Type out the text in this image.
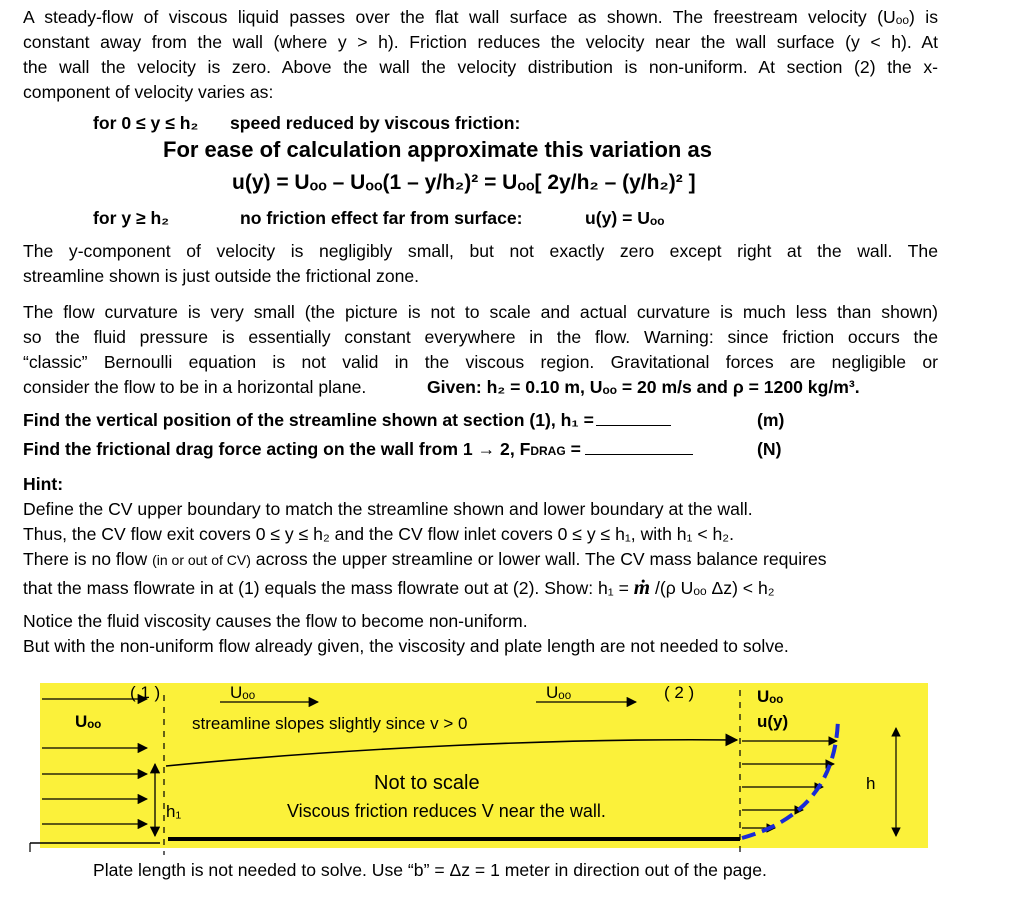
A steady-flow of viscous liquid passes over the flat wall surface as shown. The freestream velocity (Uₒₒ) is
constant away from the wall (where y > h). Friction reduces the velocity near the wall surface (y < h). At
the wall the velocity is zero. Above the wall the velocity distribution is non-uniform. At section (2) the x-
component of velocity varies as:
for 0 ≤ y ≤ h₂ speed reduced by viscous friction:
For ease of calculation approximate this variation as
u(y) = Uₒₒ – Uₒₒ(1 – y/h₂)² = Uₒₒ[ 2y/h₂ – (y/h₂)² ]
for y ≥ h₂	no friction effect far from surface:	u(y) = Uₒₒ
The y-component of velocity is negligibly small, but not exactly zero except right at the wall. The
streamline shown is just outside the frictional zone.
The flow curvature is very small (the picture is not to scale and actual curvature is much less than shown)
so the fluid pressure is essentially constant everywhere in the flow. Warning: since friction occurs the
“classic” Bernoulli equation is not valid in the viscous region. Gravitational forces are negligible or
consider the flow to be in a horizontal plane.	Given: h₂ = 0.10 m, Uₒₒ = 20 m/s and ρ = 1200 kg/m³.
Find the vertical position of the streamline shown at section (1), h₁ =	(m)
Find the frictional drag force acting on the wall from 1 → 2, FDRAG =	(N)
Hint:
Define the CV upper boundary to match the streamline shown and lower boundary at the wall.
Thus, the CV flow exit covers 0 ≤ y ≤ h₂ and the CV flow inlet covers 0 ≤ y ≤ h₁, with h₁ < h₂.
There is no flow (in or out of CV) across the upper streamline or lower wall. The CV mass balance requires
that the mass flowrate in at (1) equals the mass flowrate out at (2). Show: h₁ = ṁ /(ρ Uₒₒ Δz) < h₂
Notice the fluid viscosity causes the flow to become non-uniform.
But with the non-uniform flow already given, the viscosity and plate length are not needed to solve.
( 1 )	( 2 )
Uₒₒ	Uₒₒ	Uₒₒ
u(y)
Uₒₒ	streamline slopes slightly since v > 0
Not to scale
Viscous friction reduces V near the wall.
h
h₁
Plate length is not needed to solve. Use “b” = Δz = 1 meter in direction out of the page.
